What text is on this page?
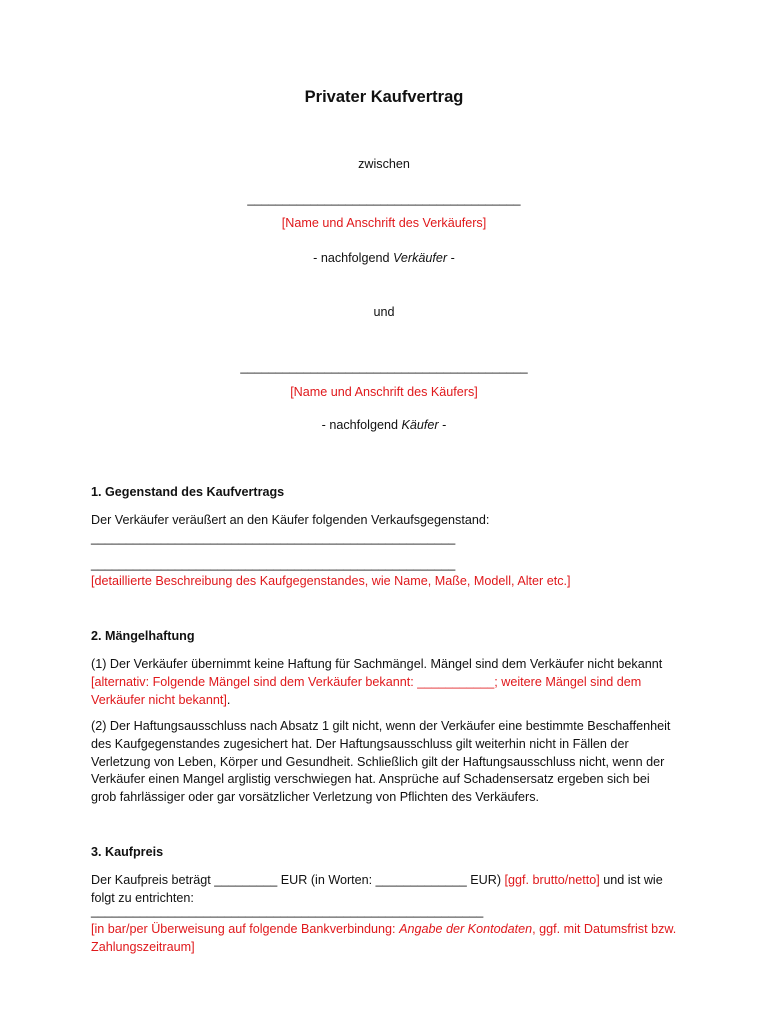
Privater Kaufvertrag
zwischen
_______________________________________
[Name und Anschrift des Verkäufers]
- nachfolgend Verkäufer -
und
_________________________________________
[Name und Anschrift des Käufers]
- nachfolgend Käufer -
1. Gegenstand des Kaufvertrags
Der Verkäufer veräußert an den Käufer folgenden Verkaufsgegenstand:
____________________________________________________
____________________________________________________
[detaillierte Beschreibung des Kaufgegenstandes, wie Name, Maße, Modell, Alter etc.]
2. Mängelhaftung
(1) Der Verkäufer übernimmt keine Haftung für Sachmängel. Mängel sind dem Verkäufer nicht bekannt [alternativ: Folgende Mängel sind dem Verkäufer bekannt: ___________; weitere Mängel sind dem Verkäufer nicht bekannt].
(2) Der Haftungsausschluss nach Absatz 1 gilt nicht, wenn der Verkäufer eine bestimmte Beschaffenheit des Kaufgegenstandes zugesichert hat. Der Haftungsausschluss gilt weiterhin nicht in Fällen der Verletzung von Leben, Körper und Gesundheit. Schließlich gilt der Haftungsausschluss nicht, wenn der Verkäufer einen Mangel arglistig verschwiegen hat. Ansprüche auf Schadensersatz ergeben sich bei grob fahrlässiger oder gar vorsätzlicher Verletzung von Pflichten des Verkäufers.
3. Kaufpreis
Der Kaufpreis beträgt _________ EUR (in Worten: _____________ EUR) [ggf. brutto/netto] und ist wie folgt zu entrichten:
________________________________________________________
[in bar/per Überweisung auf folgende Bankverbindung: Angabe der Kontodaten, ggf. mit Datumsfrist bzw. Zahlungszeitraum]
